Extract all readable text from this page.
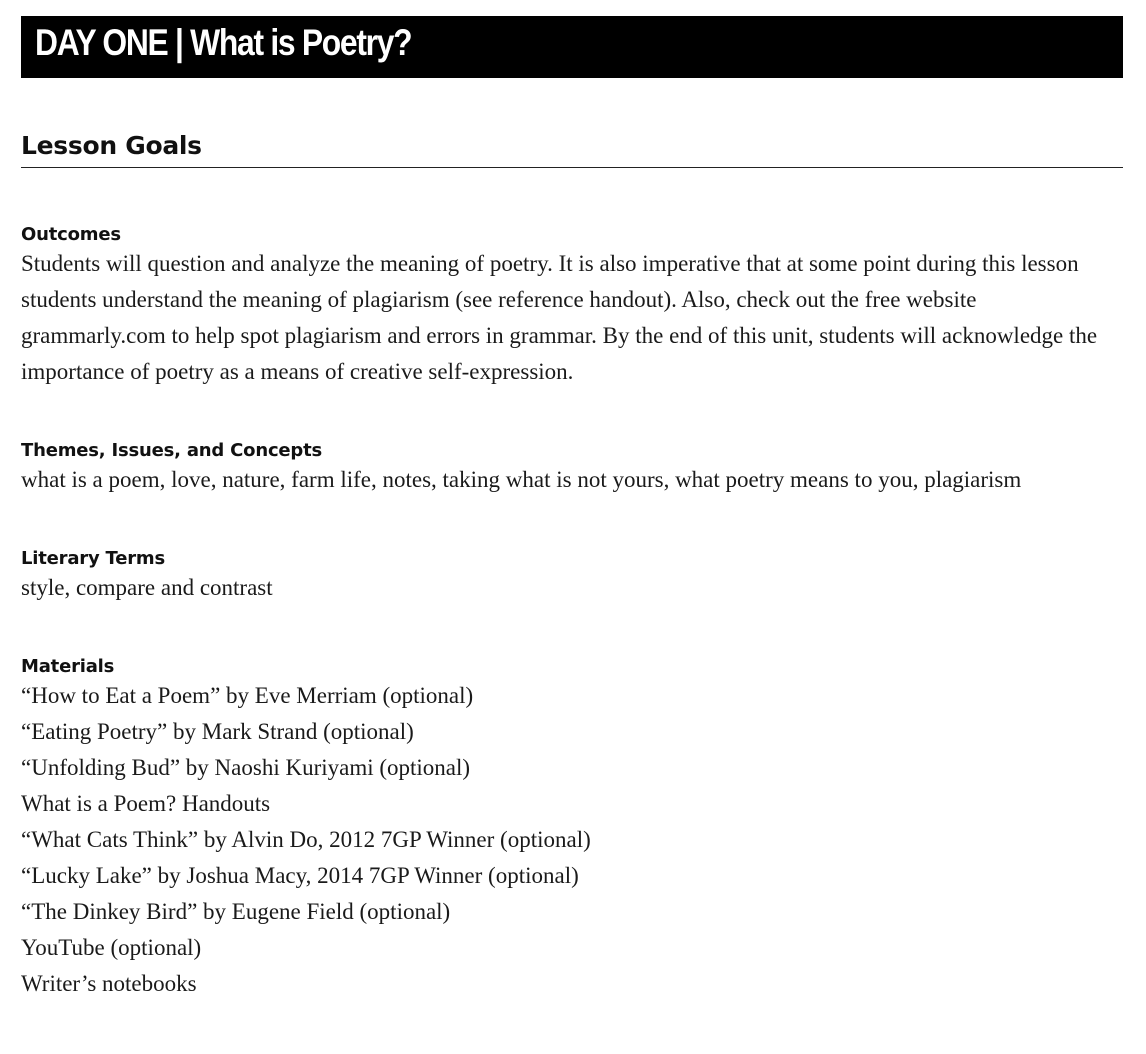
DAY ONE | What is Poetry?
Lesson Goals
Outcomes

Students will question and analyze the meaning of poetry. It is also imperative that at some point during this lesson students understand the meaning of plagiarism (see reference handout). Also, check out the free website grammarly.com to help spot plagiarism and errors in grammar. By the end of this unit, students will acknowledge the importance of poetry as a means of creative self-expression.

Themes, Issues, and Concepts

what is a poem, love, nature, farm life, notes, taking what is not yours, what poetry means to you, plagiarism

Literary Terms

style, compare and contrast

Materials

“How to Eat a Poem” by Eve Merriam (optional)

“Eating Poetry” by Mark Strand (optional)

“Unfolding Bud” by Naoshi Kuriyami (optional)

What is a Poem? Handouts

“What Cats Think” by Alvin Do, 2012 7GP Winner (optional)

“Lucky Lake” by Joshua Macy, 2014 7GP Winner (optional)

“The Dinkey Bird” by Eugene Field (optional)

YouTube (optional)

Writer’s notebooks
